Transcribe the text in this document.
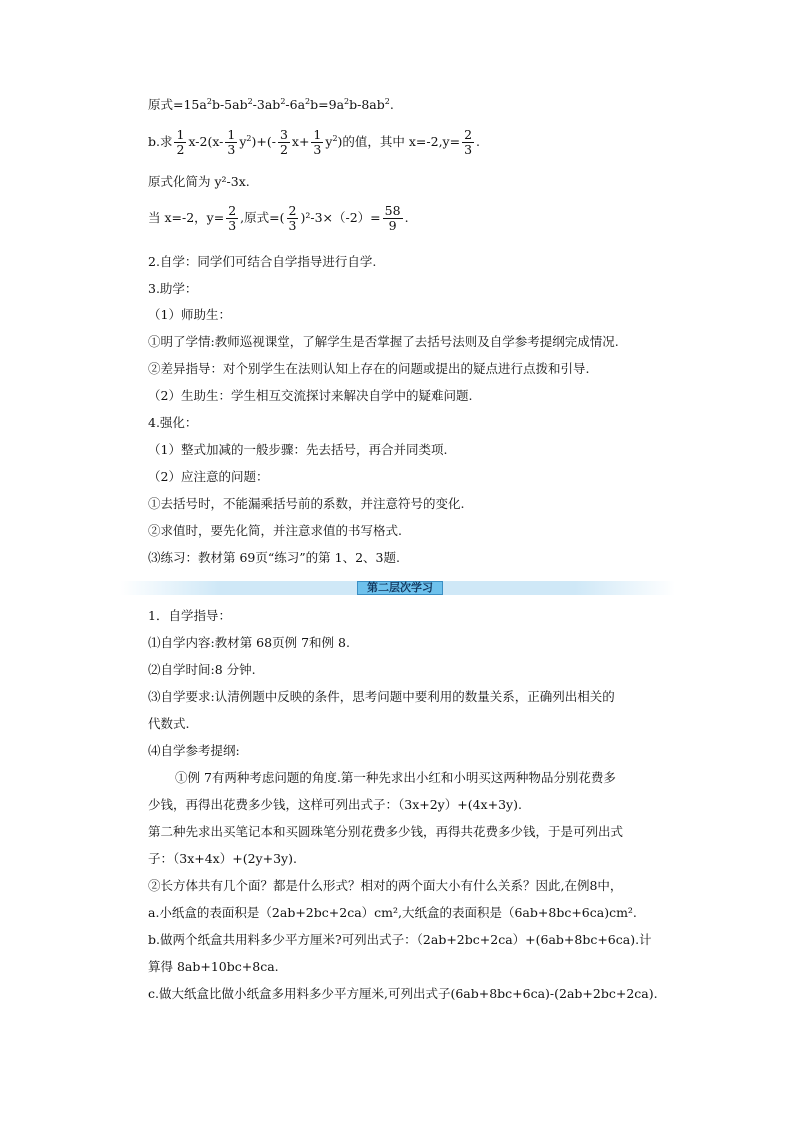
原式$=15a^2b-5ab^2-3ab^2-6a^2b=9a^2b-8ab^2$.
b.求 $\frac{1}{2} x-2(x- \frac{1}{3} y^2)+(- \frac{3}{2} x+ \frac{1}{3} y^2)$的值，其中 $x=-2,y= \frac{2}{3}$ .
原式化简为 y²-3x.
当 x=-2，$y= \frac{2}{3}$ ,原式=( $\frac{2}{3} )^2-3\times(-2)= \frac{58}{9}$ .
2.自学：同学们可结合自学指导进行自学.
3.助学：
（1）师助生：
①明了学情:教师巡视课堂，了解学生是否掌握了去括号法则及自学参考提纲完成情况.
②差异指导：对个别学生在法则认知上存在的问题或提出的疑点进行点拨和引导.
（2）生助生：学生相互交流探讨来解决自学中的疑难问题.
4.强化：
（1）整式加减的一般步骤：先去括号，再合并同类项.
（2）应注意的问题：
①去括号时，不能漏乘括号前的系数，并注意符号的变化.
②求值时，要先化简，并注意求值的书写格式.
⑶练习：教材第 69页“练习”的第 1、2、3题.
第二层次学习
1．自学指导：
⑴自学内容:教材第 68页例 7和例 8.
⑵自学时间:8 分钟.
⑶自学要求:认清例题中反映的条件，思考问题中要利用的数量关系，正确列出相关的
代数式.
⑷自学参考提纲:
①例 7有两种考虑问题的角度.第一种先求出小红和小明买这两种物品分别花费多
少钱，再得出花费多少钱，这样可列出式子：（3x+2y）+(4x+3y).
第二种先求出买笔记本和买圆珠笔分别花费多少钱，再得共花费多少钱，于是可列出式
子：（3x+4x）+(2y+3y).
②长方体共有几个面？都是什么形式？相对的两个面大小有什么关系？因此,在例8中，
a.小纸盒的表面积是（2ab+2bc+2ca）cm²,大纸盒的表面积是（6ab+8bc+6ca)cm².
b.做两个纸盒共用料多少平方厘米?可列出式子：（2ab+2bc+2ca）+(6ab+8bc+6ca).计
算得 8ab+10bc+8ca.
c.做大纸盒比做小纸盒多用料多少平方厘米,可列出式子(6ab+8bc+6ca)-(2ab+2bc+2ca).
